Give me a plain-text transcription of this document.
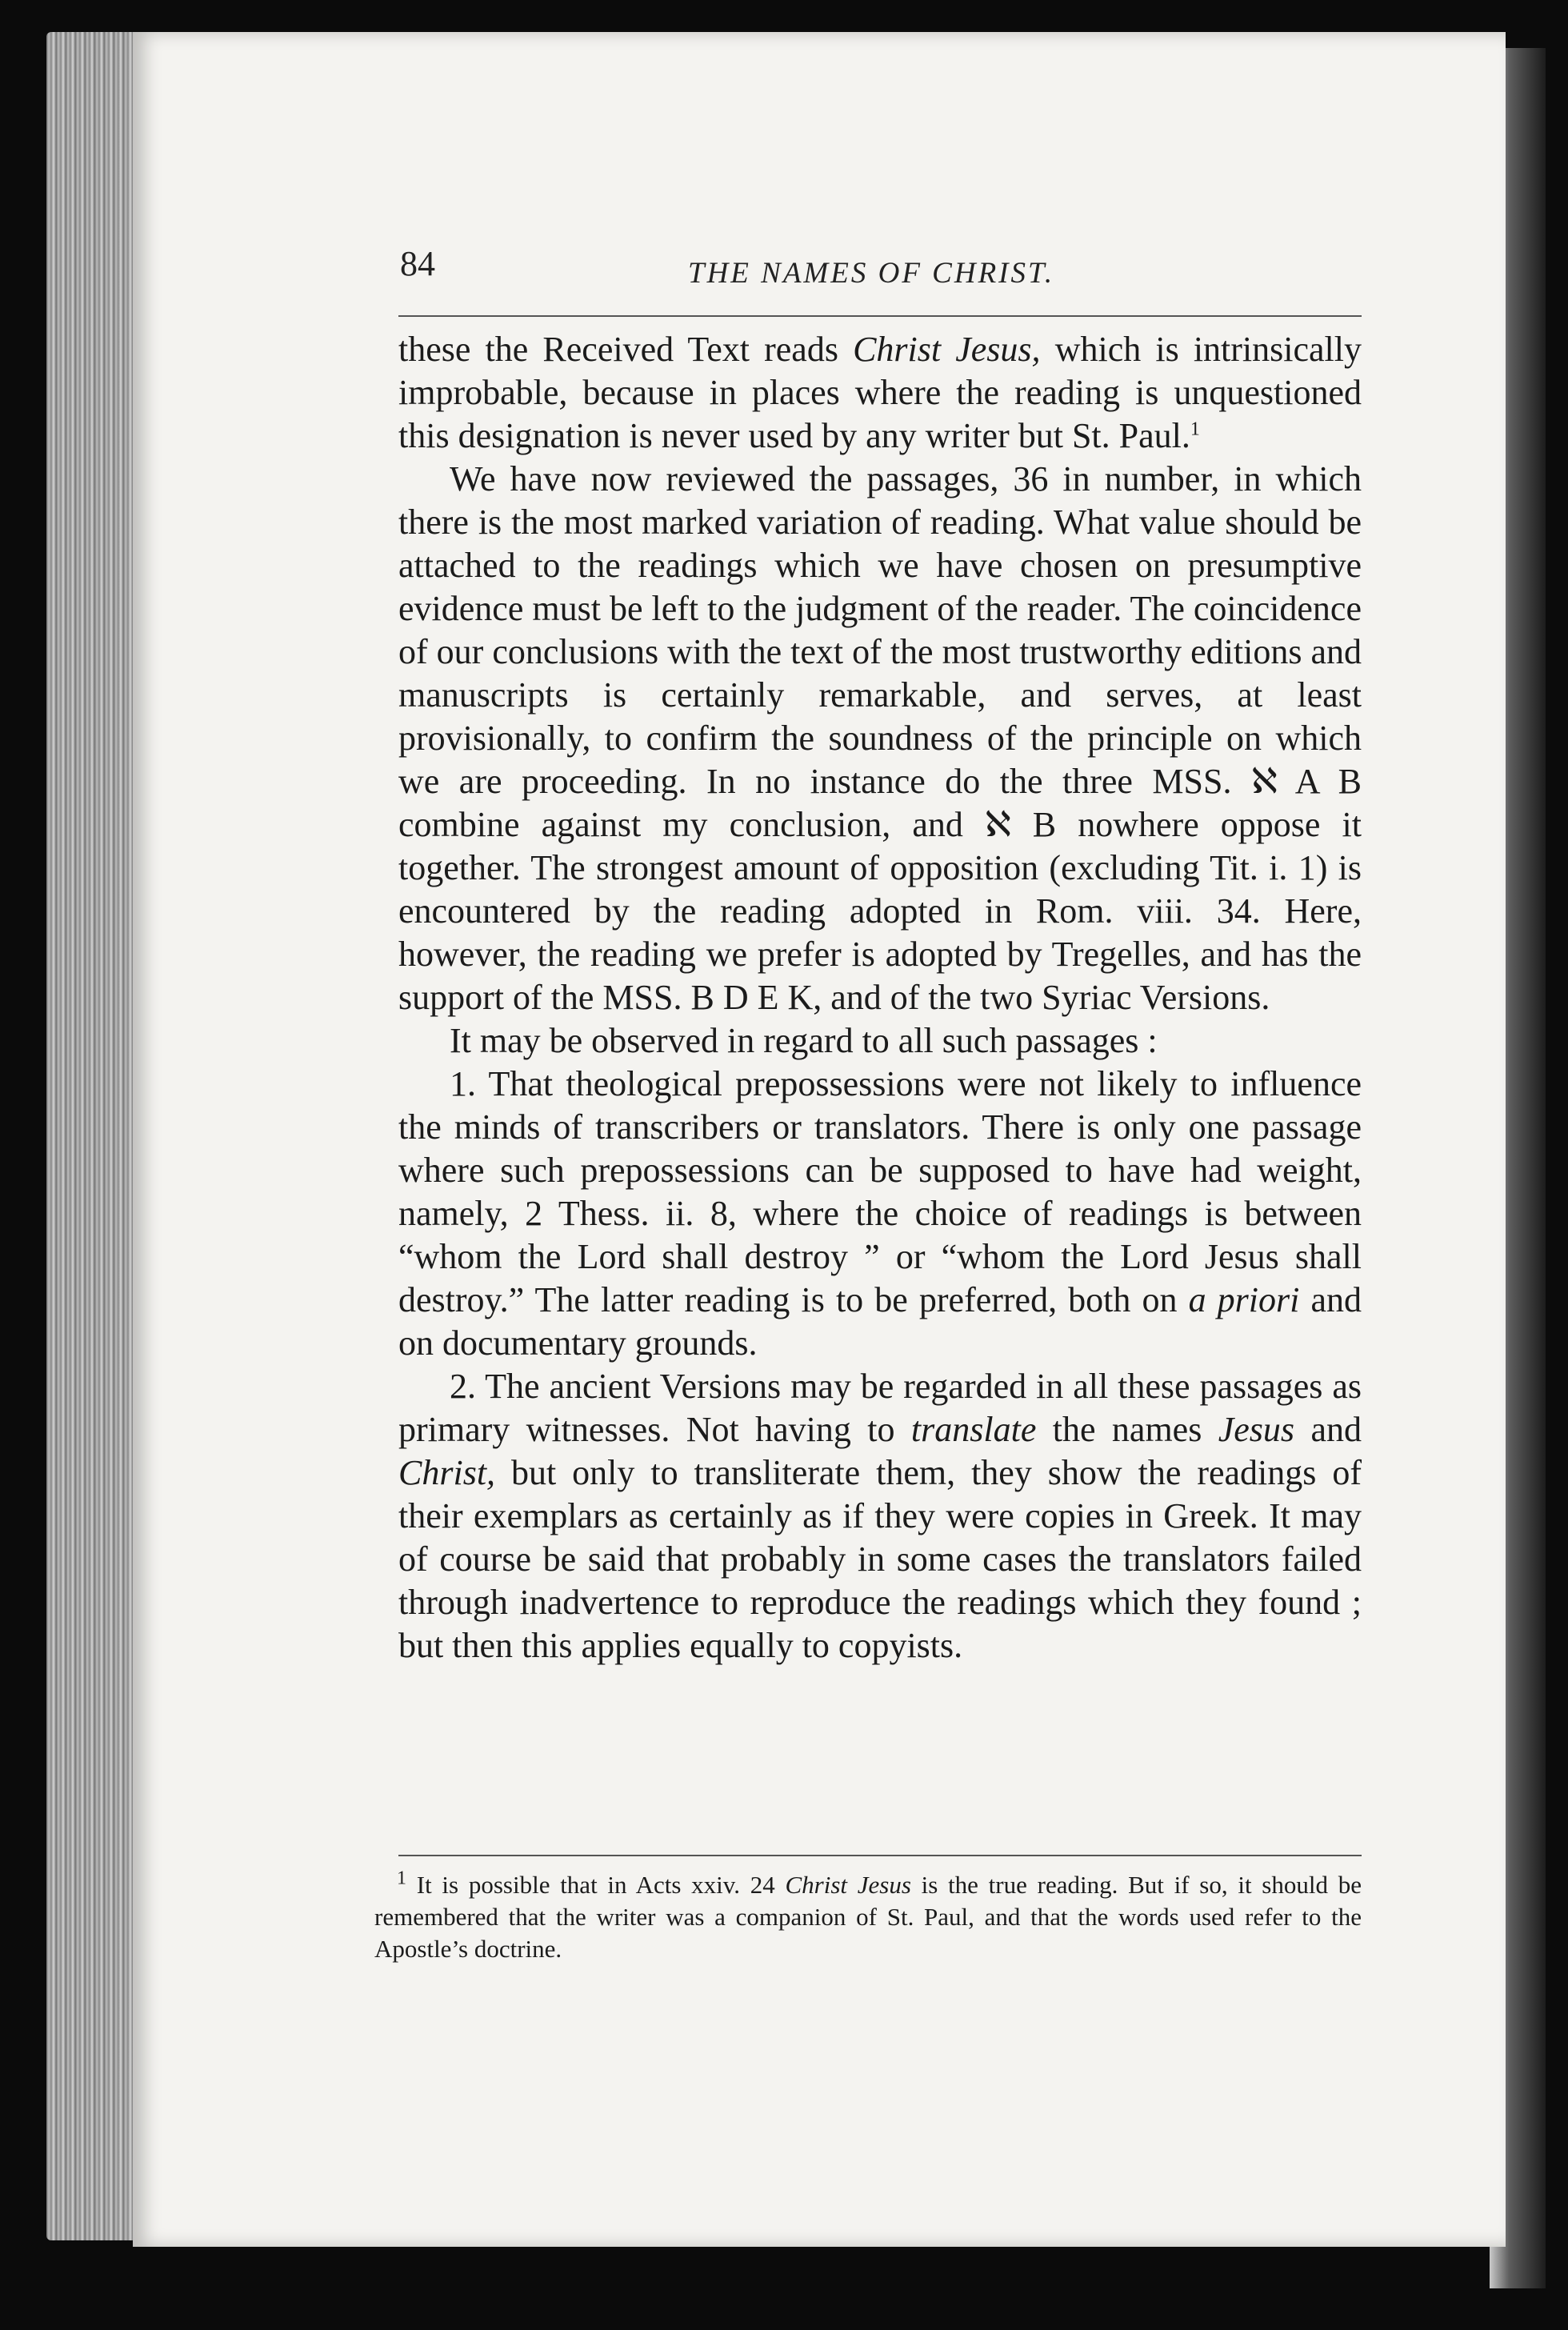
84	THE NAMES OF CHRIST.

these the Received Text reads Christ Jesus, which is intrinsically improbable, because in places where the reading is unquestioned this designation is never used by any writer but St. Paul.$^1$

We have now reviewed the passages, 36 in number, in which there is the most marked variation of reading. What value should be attached to the readings which we have chosen on presumptive evidence must be left to the judgment of the reader. The coincidence of our conclusions with the text of the most trustworthy editions and manuscripts is certainly remarkable, and serves, at least provisionally, to confirm the soundness of the principle on which we are proceeding. In no instance do the three MSS. ℵ A B combine against my conclusion, and ℵ B nowhere oppose it together. The strongest amount of opposition (excluding Tit. i. 1) is encountered by the reading adopted in Rom. viii. 34. Here, however, the reading we prefer is adopted by Tregelles, and has the support of the MSS. B D E K, and of the two Syriac Versions.

It may be observed in regard to all such passages :

1. That theological prepossessions were not likely to influence the minds of transcribers or translators. There is only one passage where such prepossessions can be supposed to have had weight, namely, 2 Thess. ii. 8, where the choice of readings is between “whom the Lord shall destroy ” or “whom the Lord Jesus shall destroy.” The latter reading is to be preferred, both on a priori and on documentary grounds.

2. The ancient Versions may be regarded in all these passages as primary witnesses. Not having to translate the names Jesus and Christ, but only to transliterate them, they show the readings of their exemplars as certainly as if they were copies in Greek. It may of course be said that probably in some cases the translators failed through inadvertence to reproduce the readings which they found ; but then this applies equally to copyists.

$^1$ It is possible that in Acts xxiv. 24 Christ Jesus is the true reading. But if so, it should be remembered that the writer was a companion of St. Paul, and that the words used refer to the Apostle’s doctrine.
